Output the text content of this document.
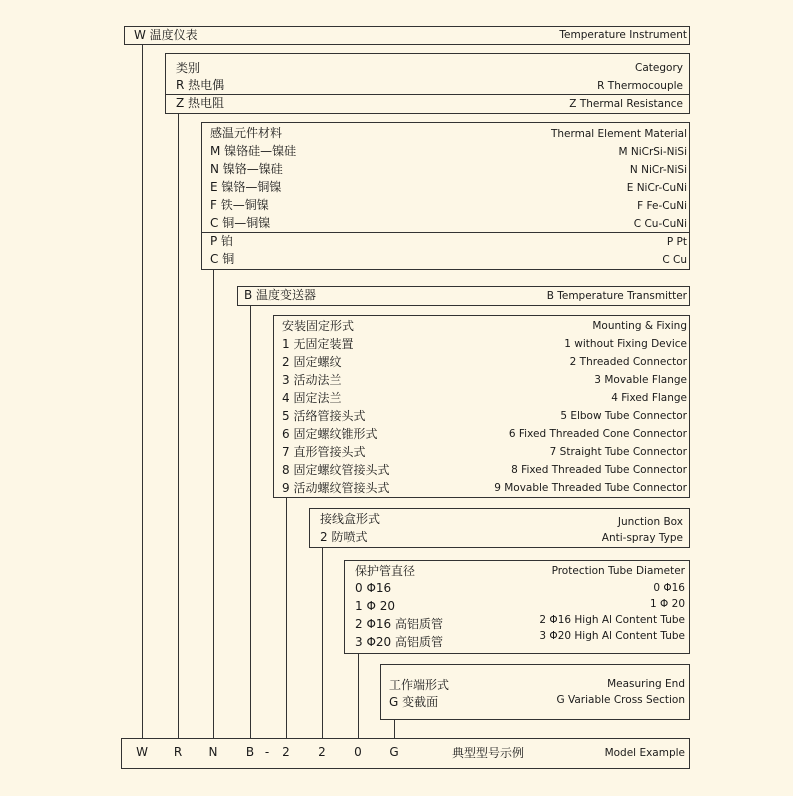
W 温度仪表	Temperature Instrument
类别	Category
R 热电偶	R Thermocouple
Z 热电阻	Z Thermal Resistance
感温元件材料	Thermal Element Material
M 镍铬硅—镍硅	M NiCrSi-NiSi
N 镍铬—镍硅	N NiCr-NiSi
E 镍铬—铜镍	E NiCr-CuNi
F 铁—铜镍	F Fe-CuNi
C 铜—铜镍	C Cu-CuNi
P 铂	P Pt
C 铜	C Cu
B 温度变送器	B Temperature Transmitter
安装固定形式	Mounting & Fixing
1 无固定装置	1 without Fixing Device
2 固定螺纹	2 Threaded Connector
3 活动法兰	3 Movable Flange
4 固定法兰	4 Fixed Flange
5 活络管接头式	5 Elbow Tube Connector
6 固定螺纹锥形式	6 Fixed Threaded Cone Connector
7 直形管接头式	7 Straight Tube Connector
8 固定螺纹管接头式	8 Fixed Threaded Tube Connector
9 活动螺纹管接头式	9 Movable Threaded Tube Connector
接线盒形式	Junction Box
2 防喷式	Anti-spray Type
保护管直径	Protection Tube Diameter
0 Φ16	0 Φ16
1 Φ 20	1 Φ 20
2 Φ16 高铝质管	2 Φ16 High Al Content Tube
3 Φ20 高铝质管	3 Φ20 High Al Content Tube
工作端形式	Measuring End
G 变截面	G Variable Cross Section
W R N B - 2 2 0 G	典型型号示例	Model Example
